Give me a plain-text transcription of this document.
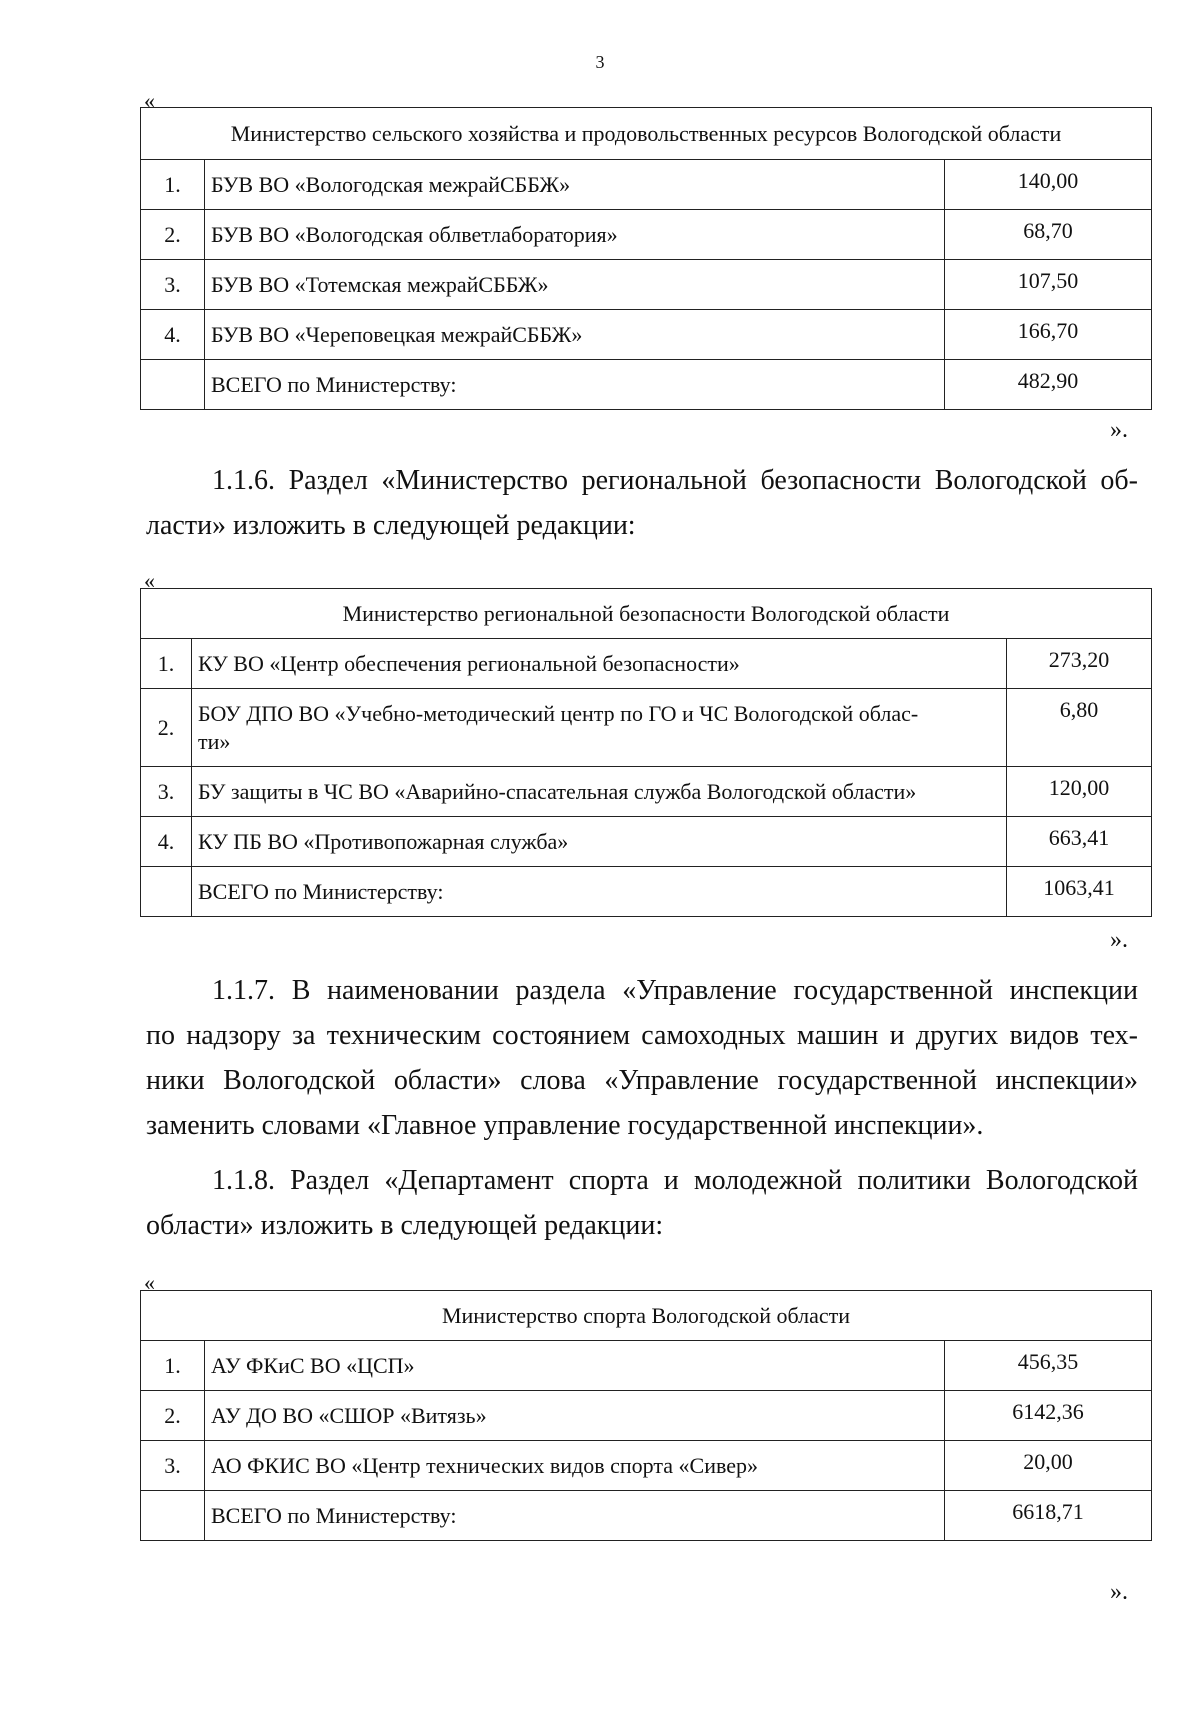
3
«
Министерство сельского хозяйства и продовольственных ресурсов Вологодской области		
1.	БУВ ВО «Вологодская межрайСББЖ»	140,00
2.	БУВ ВО «Вологодская облветлаборатория»	68,70
3.	БУВ ВО «Тотемская межрайСББЖ»	107,50
4.	БУВ ВО «Череповецкая межрайСББЖ»	166,70
	ВСЕГО по Министерству:	482,90
».

1.1.6. Раздел «Министерство региональной безопасности Вологодской об-
ласти» изложить в следующей редакции:

«
Министерство региональной безопасности Вологодской области		
1.	КУ ВО «Центр обеспечения региональной безопасности»	273,20
2.	БОУ ДПО ВО «Учебно-методический центр по ГО и ЧС Вологодской облас-
ти»	6,80
3.	БУ защиты в ЧС ВО «Аварийно-спасательная служба Вологодской области»	120,00
4.	КУ ПБ ВО «Противопожарная служба»	663,41
	ВСЕГО по Министерству:	1063,41
».

1.1.7. В наименовании раздела «Управление государственной инспекции
по надзору за техническим состоянием самоходных машин и других видов тех-
ники Вологодской области» слова «Управление государственной инспекции»
заменить словами «Главное управление государственной инспекции».

1.1.8. Раздел «Департамент спорта и молодежной политики Вологодской
области» изложить в следующей редакции:

«
Министерство спорта Вологодской области		
1.	АУ ФКиС ВО «ЦСП»	456,35
2.	АУ ДО ВО «СШОР «Витязь»	6142,36
3.	АО ФКИС ВО «Центр технических видов спорта «Сивер»	20,00
	ВСЕГО по Министерству:	6618,71
».
